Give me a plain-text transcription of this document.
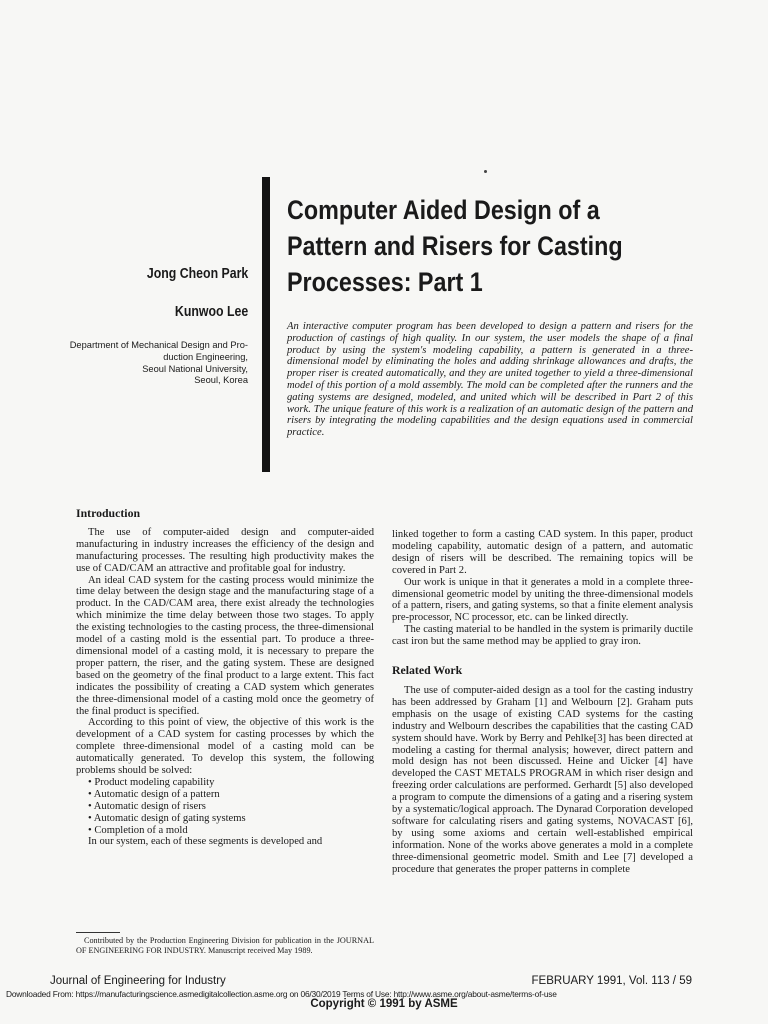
Computer Aided Design of a
Pattern and Risers for Casting
Processes: Part 1
Jong Cheon Park
Kunwoo Lee
Department of Mechanical Design and Pro-
duction Engineering,
Seoul National University,
Seoul, Korea
An interactive computer program has been developed to design a pattern and risers for the production of castings of high quality. In our system, the user models the shape of a final product by using the system's modeling capability, a pattern is generated in a three-dimensional model by eliminating the holes and adding shrinkage allowances and drafts, the proper riser is created automatically, and they are united together to yield a three-dimensional model of this portion of a mold assembly. The mold can be completed after the runners and the gating systems are designed, modeled, and united which will be described in Part 2 of this work. The unique feature of this work is a realization of an automatic design of the pattern and risers by integrating the modeling capabilities and the design equations used in commercial practice.
Introduction

The use of computer-aided design and computer-aided manufacturing in industry increases the efficiency of the design and manufacturing processes. The resulting high productivity makes the use of CAD/CAM an attractive and profitable goal for industry.

An ideal CAD system for the casting process would minimize the time delay between the design stage and the manufacturing stage of a product. In the CAD/CAM area, there exist already the technologies which minimize the time delay between those two stages. To apply the existing technologies to the casting process, the three-dimensional model of a casting mold is the essential part. To produce a three-dimensional model of a casting mold, it is necessary to prepare the proper pattern, the riser, and the gating system. These are designed based on the geometry of the final product to a large extent. This fact indicates the possibility of creating a CAD system which generates the three-dimensional model of a casting mold once the geometry of the final product is specified.

According to this point of view, the objective of this work is the development of a CAD system for casting processes by which the complete three-dimensional model of a casting mold can be automatically generated. To develop this system, the following problems should be solved:

• Product modeling capability
• Automatic design of a pattern
• Automatic design of risers
• Automatic design of gating systems
• Completion of a mold

In our system, each of these segments is developed and

linked together to form a casting CAD system. In this paper, product modeling capability, automatic design of a pattern, and automatic design of risers will be described. The remaining topics will be covered in Part 2.

Our work is unique in that it generates a mold in a complete three-dimensional geometric model by uniting the three-dimensional models of a pattern, risers, and gating systems, so that a finite element analysis pre-processor, NC processor, etc. can be linked directly.

The casting material to be handled in the system is primarily ductile cast iron but the same method may be applied to gray iron.

Related Work

The use of computer-aided design as a tool for the casting industry has been addressed by Graham [1] and Welbourn [2]. Graham puts emphasis on the usage of existing CAD systems for the casting industry and Welbourn describes the capabilities that the casting CAD system should have. Work by Berry and Pehlke[3] has been directed at modeling a casting for thermal analysis; however, direct pattern and mold design has not been discussed. Heine and Uicker [4] have developed the CAST METALS PROGRAM in which riser design and freezing order calculations are performed. Gerhardt [5] also developed a program to compute the dimensions of a gating and a risering system by a systematic/logical approach. The Dynarad Corporation developed software for calculating risers and gating systems, NOVACAST [6], by using some axioms and certain well-established empirical information. None of the works above generates a mold in a complete three-dimensional geometric model. Smith and Lee [7] developed a procedure that generates the proper patterns in complete

Contributed by the Production Engineering Division for publication in the JOURNAL OF ENGINEERING FOR INDUSTRY. Manuscript received May 1989.
Journal of Engineering for Industry	FEBRUARY 1991, Vol. 113 / 59
Downloaded From: https://manufacturingscience.asmedigitalcollection.asme.org on 06/30/2019 Terms of Use: http://www.asme.org/about-asme/terms-of-use
Copyright © 1991 by ASME
